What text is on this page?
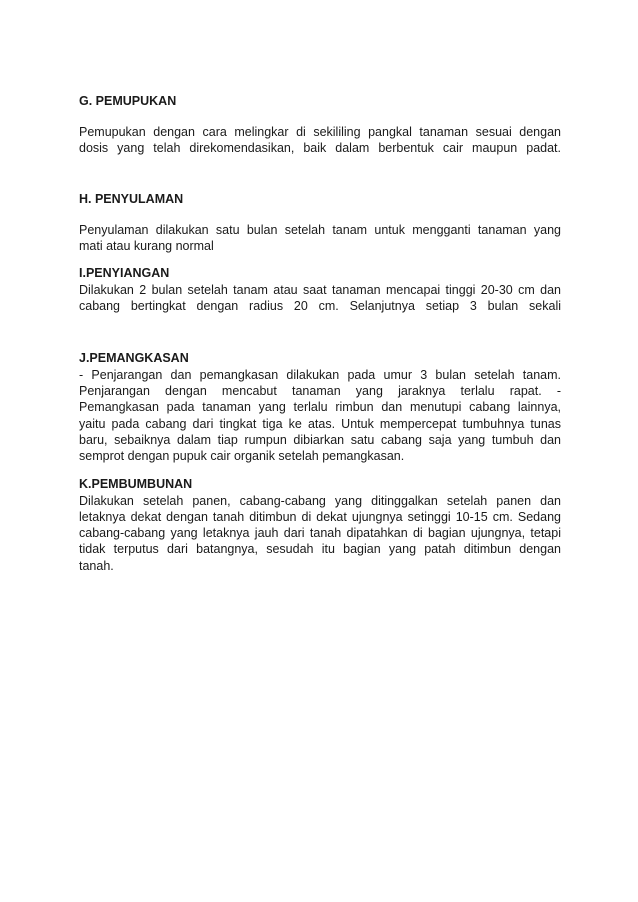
G. PEMUPUKAN

Pemupukan dengan cara melingkar di sekililing pangkal tanaman sesuai dengan
dosis yang telah direkomendasikan, baik dalam berbentuk cair maupun padat.

H. PENYULAMAN

Penyulaman dilakukan satu bulan setelah tanam untuk mengganti tanaman yang
mati atau kurang normal

I.PENYIANGAN

Dilakukan 2 bulan setelah tanam atau saat tanaman mencapai tinggi 20-30 cm dan
cabang bertingkat dengan radius 20 cm. Selanjutnya setiap 3 bulan sekali

J.PEMANGKASAN

- Penjarangan dan pemangkasan dilakukan pada umur 3 bulan setelah tanam.
Penjarangan dengan mencabut tanaman yang jaraknya terlalu rapat. -
Pemangkasan pada tanaman yang terlalu rimbun dan menutupi cabang lainnya,
yaitu pada cabang dari tingkat tiga ke atas. Untuk mempercepat tumbuhnya tunas
baru, sebaiknya dalam tiap rumpun dibiarkan satu cabang saja yang tumbuh dan
semprot dengan pupuk cair organik setelah pemangkasan.

K.PEMBUMBUNAN

Dilakukan setelah panen, cabang-cabang yang ditinggalkan setelah panen dan
letaknya dekat dengan tanah ditimbun di dekat ujungnya setinggi 10-15 cm. Sedang
cabang-cabang yang letaknya jauh dari tanah dipatahkan di bagian ujungnya, tetapi
tidak terputus dari batangnya, sesudah itu bagian yang patah ditimbun dengan
tanah.
